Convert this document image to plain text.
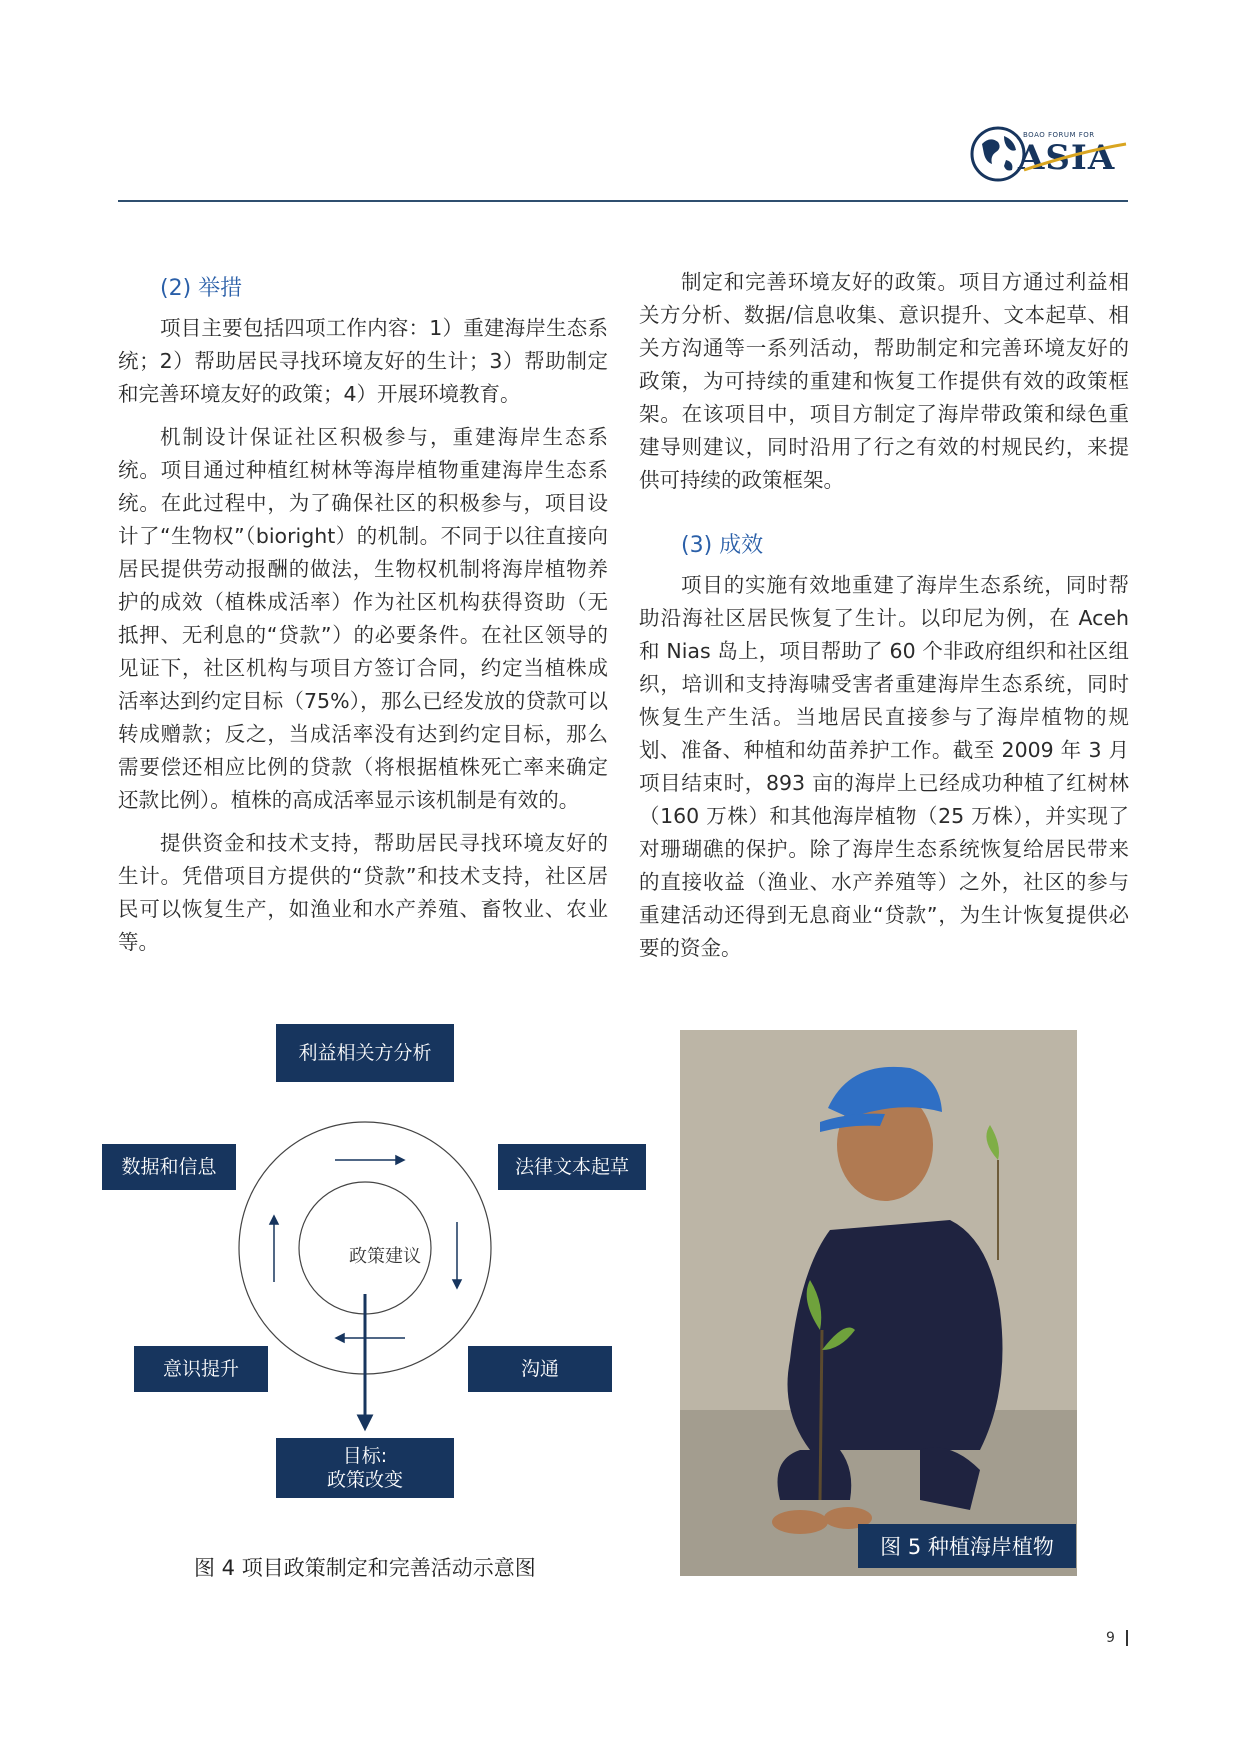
BOAO FORUM FOR
ASIA
(2) 举措

项目主要包括四项工作内容：1）重建海岸生态系统；2）帮助居民寻找环境友好的生计；3）帮助制定和完善环境友好的政策；4）开展环境教育。

机制设计保证社区积极参与，重建海岸生态系统。项目通过种植红树林等海岸植物重建海岸生态系统。在此过程中，为了确保社区的积极参与，项目设计了“生物权”（bioright）的机制。不同于以往直接向居民提供劳动报酬的做法，生物权机制将海岸植物养护的成效（植株成活率）作为社区机构获得资助（无抵押、无利息的“贷款”）的必要条件。在社区领导的见证下，社区机构与项目方签订合同，约定当植株成活率达到约定目标（75%），那么已经发放的贷款可以转成赠款；反之，当成活率没有达到约定目标，那么需要偿还相应比例的贷款（将根据植株死亡率来确定还款比例）。植株的高成活率显示该机制是有效的。

提供资金和技术支持，帮助居民寻找环境友好的生计。凭借项目方提供的“贷款”和技术支持，社区居民可以恢复生产，如渔业和水产养殖、畜牧业、农业等。

制定和完善环境友好的政策。项目方通过利益相关方分析、数据/信息收集、意识提升、文本起草、相关方沟通等一系列活动，帮助制定和完善环境友好的政策，为可持续的重建和恢复工作提供有效的政策框架。在该项目中，项目方制定了海岸带政策和绿色重建导则建议，同时沿用了行之有效的村规民约，来提供可持续的政策框架。

(3) 成效

项目的实施有效地重建了海岸生态系统，同时帮助沿海社区居民恢复了生计。以印尼为例，在 Aceh 和 Nias 岛上，项目帮助了 60 个非政府组织和社区组织，培训和支持海啸受害者重建海岸生态系统，同时恢复生产生活。当地居民直接参与了海岸植物的规划、准备、种植和幼苗养护工作。截至 2009 年 3 月项目结束时，893 亩的海岸上已经成功种植了红树林（160 万株）和其他海岸植物（25 万株），并实现了对珊瑚礁的保护。除了海岸生态系统恢复给居民带来的直接收益（渔业、水产养殖等）之外，社区的参与重建活动还得到无息商业“贷款”，为生计恢复提供必要的资金。

利益相关方分析
数据和信息	法律文本起草
意识提升	沟通
目标:
政策改变
政策建议
图 4 项目政策制定和完善活动示意图
图 5 种植海岸植物
9
